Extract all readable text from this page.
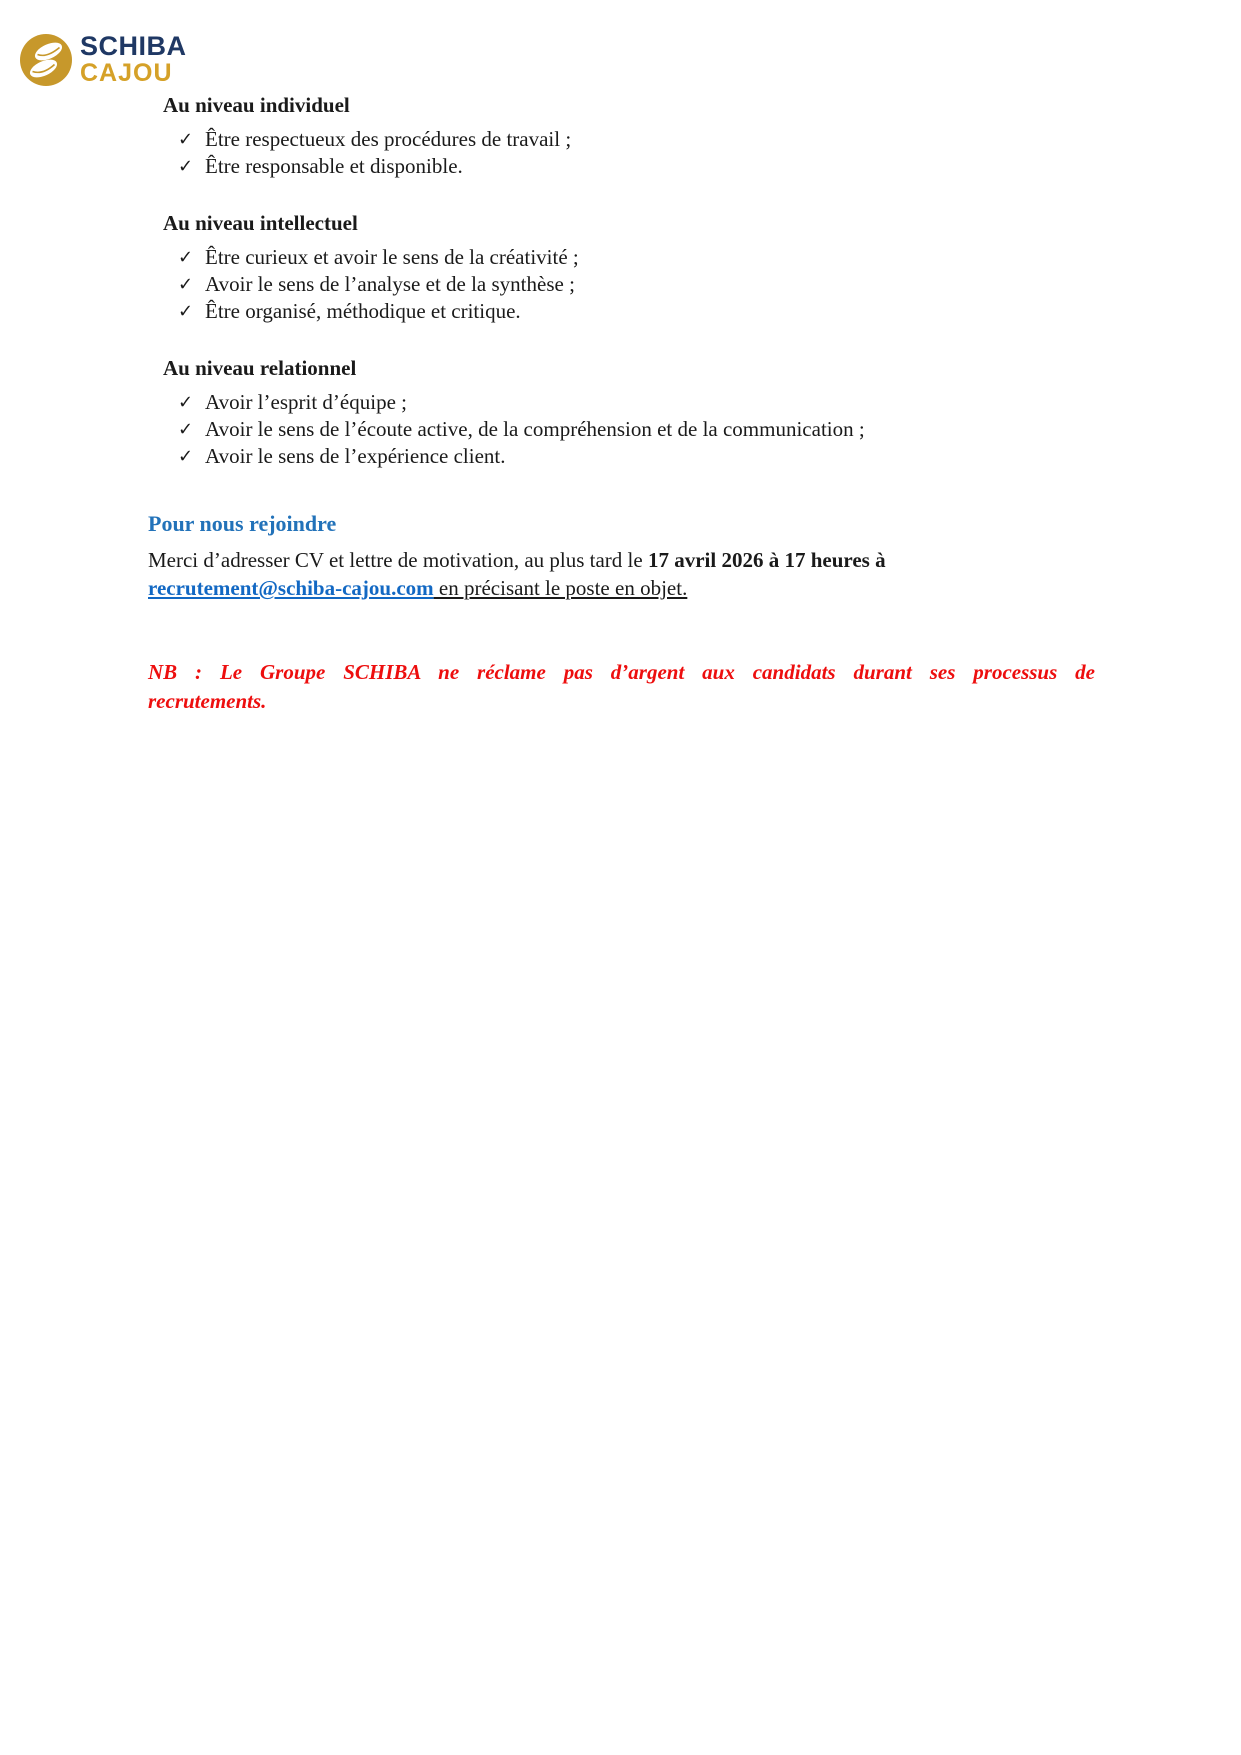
SCHIBA
CAJOU
Au niveau individuel
✓ Être respectueux des procédures de travail ;
✓ Être responsable et disponible.
Au niveau intellectuel
✓ Être curieux et avoir le sens de la créativité ;
✓ Avoir le sens de l’analyse et de la synthèse ;
✓ Être organisé, méthodique et critique.
Au niveau relationnel
✓ Avoir l’esprit d’équipe ;
✓ Avoir le sens de l’écoute active, de la compréhension et de la communication ;
✓ Avoir le sens de l’expérience client.
Pour nous rejoindre
Merci d’adresser CV et lettre de motivation, au plus tard le 17 avril 2026 à 17 heures à
recrutement@schiba-cajou.com en précisant le poste en objet.
NB : Le Groupe SCHIBA ne réclame pas d’argent aux candidats durant ses processus de
recrutements.
